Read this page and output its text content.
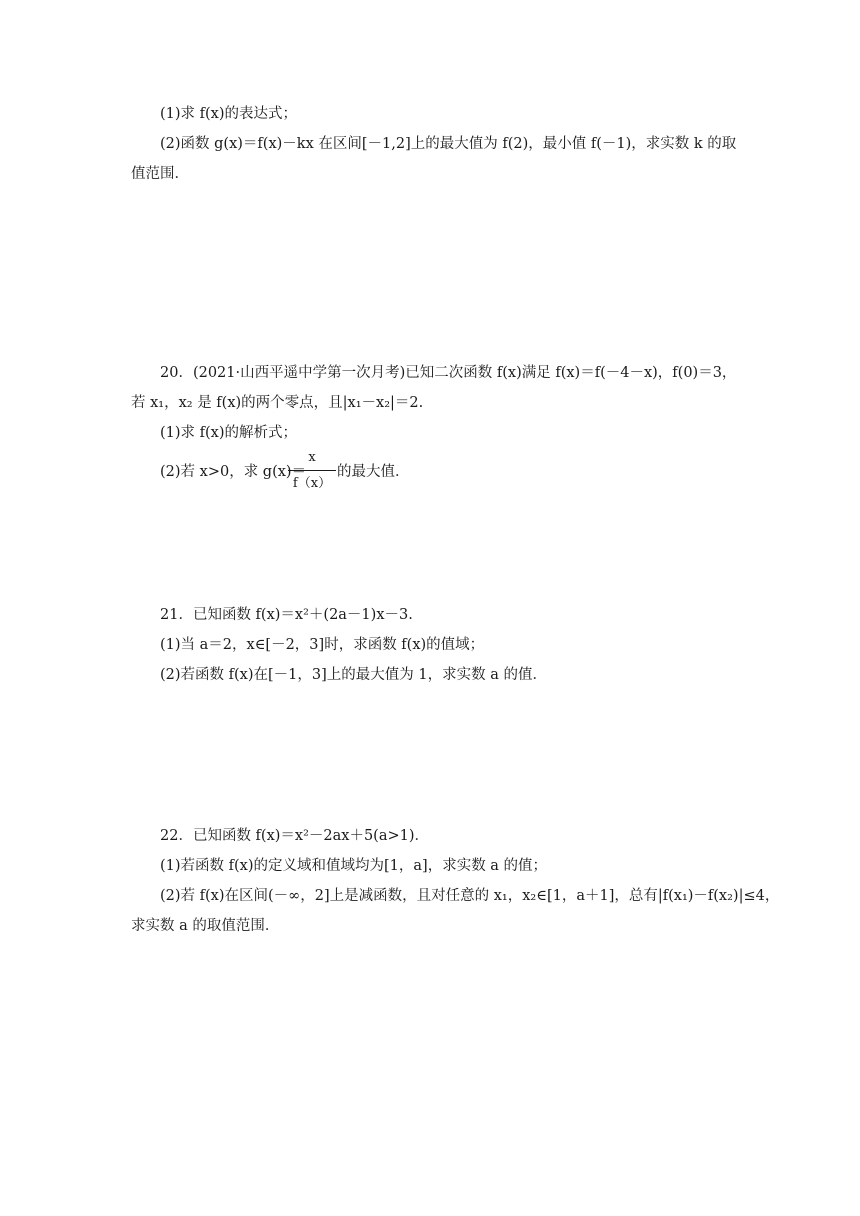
(1)求 f(x)的表达式；
(2)函数 g(x)＝f(x)－kx 在区间[－1,2]上的最大值为 f(2)，最小值 f(－1)，求实数 k 的取
值范围．
20．(2021·山西平遥中学第一次月考)已知二次函数 f(x)满足 f(x)＝f(－4－x)，f(0)＝3，
若 x₁，x₂ 是 f(x)的两个零点，且|x₁－x₂|＝2.
(1)求 f(x)的解析式；
(2)若 x>0，求 g(x)＝
x
f（x）
的最大值．
21．已知函数 f(x)＝x²＋(2a－1)x－3.
(1)当 a＝2，x∈[－2，3]时，求函数 f(x)的值域；
(2)若函数 f(x)在[－1，3]上的最大值为 1，求实数 a 的值．
22．已知函数 f(x)＝x²－2ax＋5(a>1)．
(1)若函数 f(x)的定义域和值域均为[1，a]，求实数 a 的值；
(2)若 f(x)在区间(－∞，2]上是减函数，且对任意的 x₁，x₂∈[1，a＋1]，总有|f(x₁)－f(x₂)|≤4，
求实数 a 的取值范围．
